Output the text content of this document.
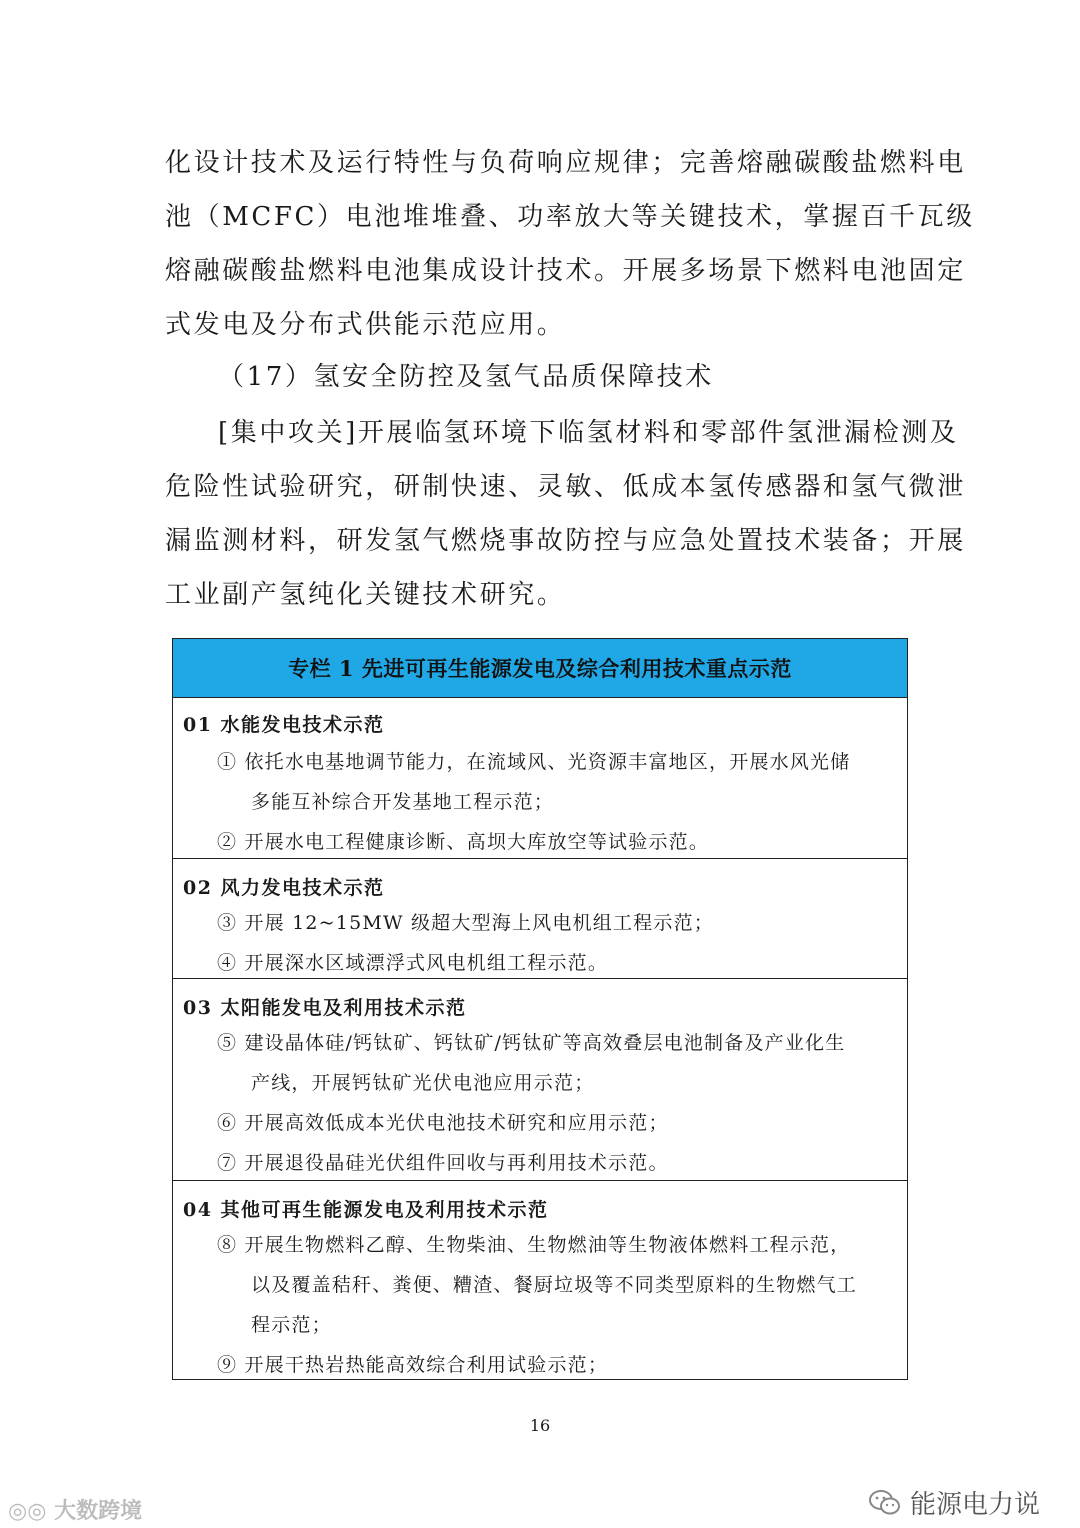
化设计技术及运行特性与负荷响应规律；完善熔融碳酸盐燃料电

池（MCFC）电池堆堆叠、功率放大等关键技术，掌握百千瓦级

熔融碳酸盐燃料电池集成设计技术。开展多场景下燃料电池固定

式发电及分布式供能示范应用。

（17）氢安全防控及氢气品质保障技术

[集中攻关]开展临氢环境下临氢材料和零部件氢泄漏检测及

危险性试验研究，研制快速、灵敏、低成本氢传感器和氢气微泄

漏监测材料，研发氢气燃烧事故防控与应急处置技术装备；开展

工业副产氢纯化关键技术研究。

专栏 1 先进可再生能源发电及综合利用技术重点示范
01 水能发电技术示范
① 依托水电基地调节能力，在流域风、光资源丰富地区，开展水风光储
多能互补综合开发基地工程示范；
② 开展水电工程健康诊断、高坝大库放空等试验示范。
02 风力发电技术示范
③ 开展 12~15MW 级超大型海上风电机组工程示范；
④ 开展深水区域漂浮式风电机组工程示范。
03 太阳能发电及利用技术示范
⑤ 建设晶体硅/钙钛矿、钙钛矿/钙钛矿等高效叠层电池制备及产业化生
产线，开展钙钛矿光伏电池应用示范；
⑥ 开展高效低成本光伏电池技术研究和应用示范；
⑦ 开展退役晶硅光伏组件回收与再利用技术示范。
04 其他可再生能源发电及利用技术示范
⑧ 开展生物燃料乙醇、生物柴油、生物燃油等生物液体燃料工程示范，
以及覆盖秸秆、粪便、糟渣、餐厨垃圾等不同类型原料的生物燃气工
程示范；
⑨ 开展干热岩热能高效综合利用试验示范；
16
◎◎ 大数跨境	能源电力说
